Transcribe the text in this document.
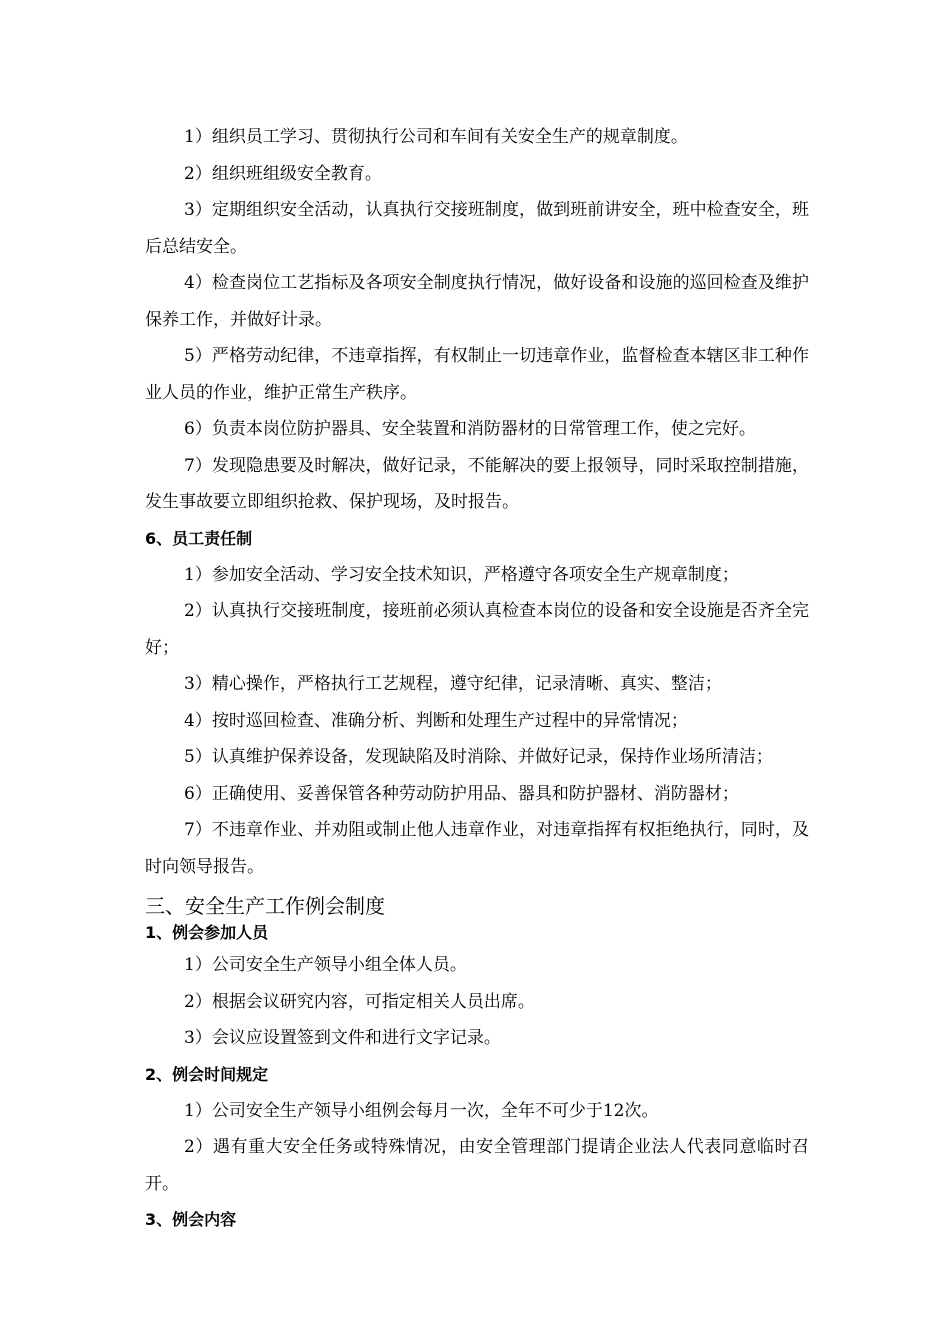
1）组织员工学习、贯彻执行公司和车间有关安全生产的规章制度。

2）组织班组级安全教育。

3）定期组织安全活动，认真执行交接班制度，做到班前讲安全，班中检查安全，班后总结安全。

4）检查岗位工艺指标及各项安全制度执行情况，做好设备和设施的巡回检查及维护保养工作，并做好计录。

5）严格劳动纪律，不违章指挥，有权制止一切违章作业，监督检查本辖区非工种作业人员的作业，维护正常生产秩序。

6）负责本岗位防护器具、安全装置和消防器材的日常管理工作，使之完好。

7）发现隐患要及时解决，做好记录，不能解决的要上报领导，同时采取控制措施，发生事故要立即组织抢救、保护现场，及时报告。

6、员工责任制

1）参加安全活动、学习安全技术知识，严格遵守各项安全生产规章制度；

2）认真执行交接班制度，接班前必须认真检查本岗位的设备和安全设施是否齐全完好；

3）精心操作，严格执行工艺规程，遵守纪律，记录清晰、真实、整洁；

4）按时巡回检查、准确分析、判断和处理生产过程中的异常情况；

5）认真维护保养设备，发现缺陷及时消除、并做好记录，保持作业场所清洁；

6）正确使用、妥善保管各种劳动防护用品、器具和防护器材、消防器材；

7）不违章作业、并劝阻或制止他人违章作业，对违章指挥有权拒绝执行，同时，及时向领导报告。

三、安全生产工作例会制度

1、例会参加人员

1）公司安全生产领导小组全体人员。

2）根据会议研究内容，可指定相关人员出席。

3）会议应设置签到文件和进行文字记录。

2、例会时间规定

1）公司安全生产领导小组例会每月一次，全年不可少于12次。

2）遇有重大安全任务或特殊情况，由安全管理部门提请企业法人代表同意临时召开。

3、例会内容
